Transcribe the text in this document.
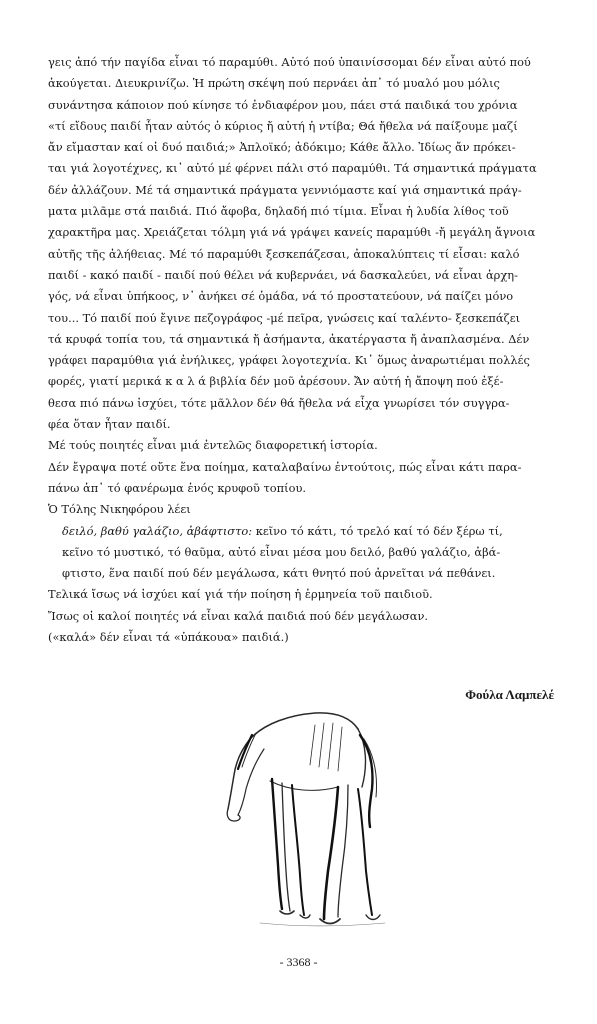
γεις ἀπό τήν παγίδα εἶναι τό παραμύθι. Αὐτό πού ὑπαινίσσομαι δέν εἶναι αὐτό πού
ἀκούγεται. Διευκρινίζω. Ἡ πρώτη σκέψη πού περνάει ἀπ᾽ τό μυαλό μου μόλις
συνάντησα κάποιον πού κίνησε τό ἐνδιαφέρον μου, πάει στά παιδικά του χρόνια
«τί εἴδους παιδί ἦταν αὐτός ὁ κύριος ἤ αὐτή ἡ ντίβα; Θά ἤθελα νά παίξουμε μαζί
ἄν εἴμασταν καί οἱ δυό παιδιά;» Ἀπλοϊκό; ἀδόκιμο; Κάθε ἄλλο. Ἰδίως ἄν πρόκει-
ται γιά λογοτέχνες, κι᾽ αὐτό μέ φέρνει πάλι στό παραμύθι. Τά σημαντικά πράγματα
δέν ἀλλάζουν. Μέ τά σημαντικά πράγματα γεννιόμαστε καί γιά σημαντικά πράγ-
ματα μιλᾶμε στά παιδιά. Πιό ἄφοβα, δηλαδή πιό τίμια. Εἶναι ἡ λυδία λίθος τοῦ
χαρακτῆρα μας. Χρειάζεται τόλμη γιά νά γράψει κανείς παραμύθι -ἤ μεγάλη ἄγνοια
αὐτῆς τῆς ἀλήθειας. Μέ τό παραμύθι ξεσκεπάζεσαι, ἀποκαλύπτεις τί εἶσαι: καλό
παιδί - κακό παιδί - παιδί πού θέλει νά κυβερνάει, νά δασκαλεύει, νά εἶναι ἀρχη-
γός, νά εἶναι ὑπήκοος, ν᾽ ἀνήκει σέ ὁμάδα, νά τό προστατεύουν, νά παίζει μόνο
του... Τό παιδί πού ἔγινε πεζογράφος -μέ πεῖρα, γνώσεις καί ταλέντο- ξεσκεπάζει
τά κρυφά τοπία του, τά σημαντικά ἤ ἀσήμαντα, ἀκατέργαστα ἤ ἀναπλασμένα. Δέν
γράφει παραμύθια γιά ἐνήλικες, γράφει λογοτεχνία. Κι᾽ ὅμως ἀναρωτιέμαι πολλές
φορές, γιατί μερικά κ α λ ά βιβλία δέν μοῦ ἀρέσουν. Ἄν αὐτή ἡ ἄποψη πού ἐξέ-
θεσα πιό πάνω ἰσχύει, τότε μᾶλλον δέν θά ἤθελα νά εἶχα γνωρίσει τόν συγγρα-
φέα ὅταν ἦταν παιδί.
Μέ τούς ποιητές εἶναι μιά ἐντελῶς διαφορετική ἱστορία.
Δέν ἔγραψα ποτέ οὔτε ἕνα ποίημα, καταλαβαίνω ἐντούτοις, πώς εἶναι κάτι παρα-
πάνω ἀπ᾽ τό φανέρωμα ἑνός κρυφοῦ τοπίου.
Ὁ Τόλης Νικηφόρου λέει
δειλό, βαθύ γαλάζιο, ἀβάφτιστο: κεῖνο τό κάτι, τό τρελό καί τό δέν ξέρω τί,
κεῖνο τό μυστικό, τό θαῦμα, αὐτό εἶναι μέσα μου δειλό, βαθύ γαλάζιο, ἀβά-
φτιστο, ἕνα παιδί πού δέν μεγάλωσα, κάτι θνητό πού ἀρνεῖται νά πεθάνει.
Τελικά ἴσως νά ἰσχύει καί γιά τήν ποίηση ἡ ἑρμηνεία τοῦ παιδιοῦ.
Ἴσως οἱ καλοί ποιητές νά εἶναι καλά παιδιά πού δέν μεγάλωσαν.
(«καλά» δέν εἶναι τά «ὑπάκουα» παιδιά.)
Φούλα Λαμπελέ
- 3368 -
